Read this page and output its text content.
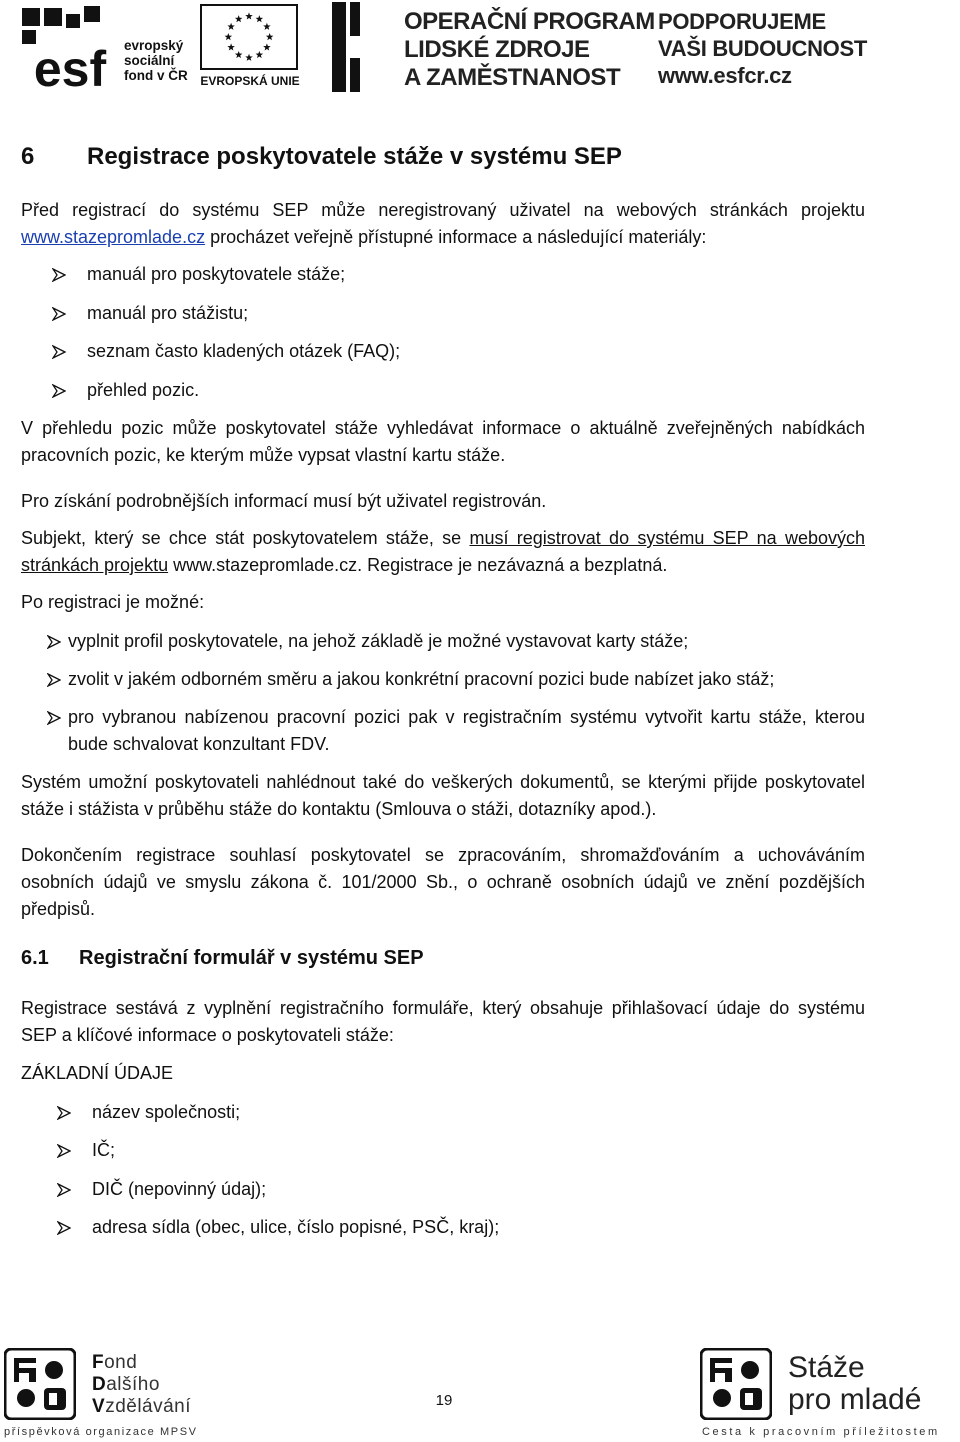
esf evropský
sociální
fond v ČR EVROPSKÁ UNIE
OPERAČNÍ PROGRAM
LIDSKÉ ZDROJE
A ZAMĚSTNANOST
PODPORUJEME
VAŠI BUDOUCNOST
www.esfcr.cz
6	Registrace poskytovatele stáže v systému SEP

Před registrací do systému SEP může neregistrovaný uživatel na webových stránkách projektu www.stazepromlade.cz procházet veřejně přístupné informace a následující materiály:

manuál pro poskytovatele stáže;
manuál pro stážistu;
seznam často kladených otázek (FAQ);
přehled pozic.

V přehledu pozic může poskytovatel stáže vyhledávat informace o aktuálně zveřejněných nabídkách pracovních pozic, ke kterým může vypsat vlastní kartu stáže.

Pro získání podrobnějších informací musí být uživatel registrován.

Subjekt, který se chce stát poskytovatelem stáže, se musí registrovat do systému SEP na webových stránkách projektu www.stazepromlade.cz. Registrace je nezávazná a bezplatná.

Po registraci je možné:

vyplnit profil poskytovatele, na jehož základě je možné vystavovat karty stáže;
zvolit v jakém odborném směru a jakou konkrétní pracovní pozici bude nabízet jako stáž;
pro vybranou nabízenou pracovní pozici pak v registračním systému vytvořit kartu stáže, kterou bude schvalovat konzultant FDV.

Systém umožní poskytovateli nahlédnout také do veškerých dokumentů, se kterými přijde poskytovatel stáže i stážista v průběhu stáže do kontaktu (Smlouva o stáži, dotazníky apod.).

Dokončením registrace souhlasí poskytovatel se zpracováním, shromažďováním a uchováváním osobních údajů ve smyslu zákona č. 101/2000 Sb., o ochraně osobních údajů ve znění pozdějších předpisů.

6.1	Registrační formulář v systému SEP

Registrace sestává z vyplnění registračního formuláře, který obsahuje přihlašovací údaje do systému SEP a klíčové informace o poskytovateli stáže:

ZÁKLADNÍ ÚDAJE

název společnosti;
IČ;
DIČ (nepovinný údaj);
adresa sídla (obec, ulice, číslo popisné, PSČ, kraj);
Fond
Dalšího
Vzdělávání
příspěvková organizace MPSV
19
Stáže
pro mladé
Cesta k pracovním příležitostem
